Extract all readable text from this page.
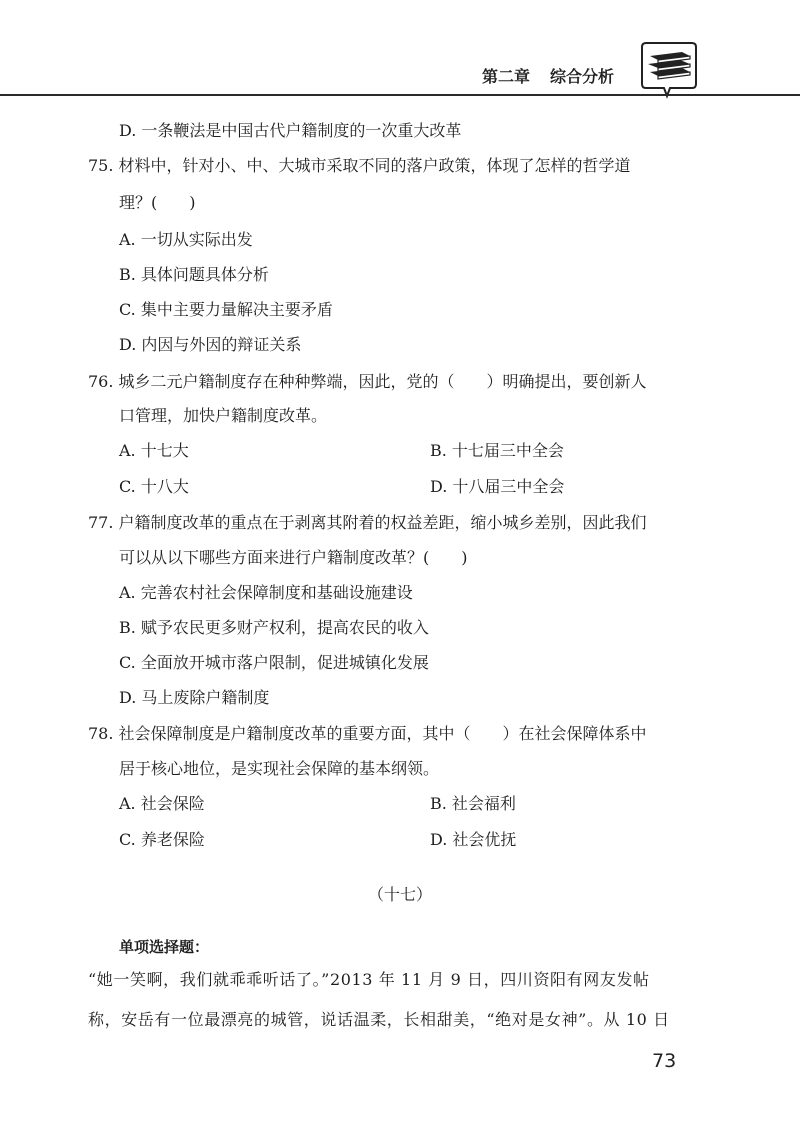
第二章 综合分析
D. 一条鞭法是中国古代户籍制度的一次重大改革
75. 材料中，针对小、中、大城市采取不同的落户政策，体现了怎样的哲学道
理？(　　)
A. 一切从实际出发
B. 具体问题具体分析
C. 集中主要力量解决主要矛盾
D. 内因与外因的辩证关系
76. 城乡二元户籍制度存在种种弊端，因此，党的（　　）明确提出，要创新人
口管理，加快户籍制度改革。
A. 十七大	B. 十七届三中全会
C. 十八大	D. 十八届三中全会
77. 户籍制度改革的重点在于剥离其附着的权益差距，缩小城乡差别，因此我们
可以从以下哪些方面来进行户籍制度改革？(　　)
A. 完善农村社会保障制度和基础设施建设
B. 赋予农民更多财产权利，提高农民的收入
C. 全面放开城市落户限制，促进城镇化发展
D. 马上废除户籍制度
78. 社会保障制度是户籍制度改革的重要方面，其中（　　）在社会保障体系中
居于核心地位，是实现社会保障的基本纲领。
A. 社会保险	B. 社会福利
C. 养老保险	D. 社会优抚
（十七）
单项选择题：
“她一笑啊，我们就乖乖听话了。”2013 年 11 月 9 日，四川资阳有网友发帖
称，安岳有一位最漂亮的城管，说话温柔，长相甜美，“绝对是女神”。从 10 日
73
